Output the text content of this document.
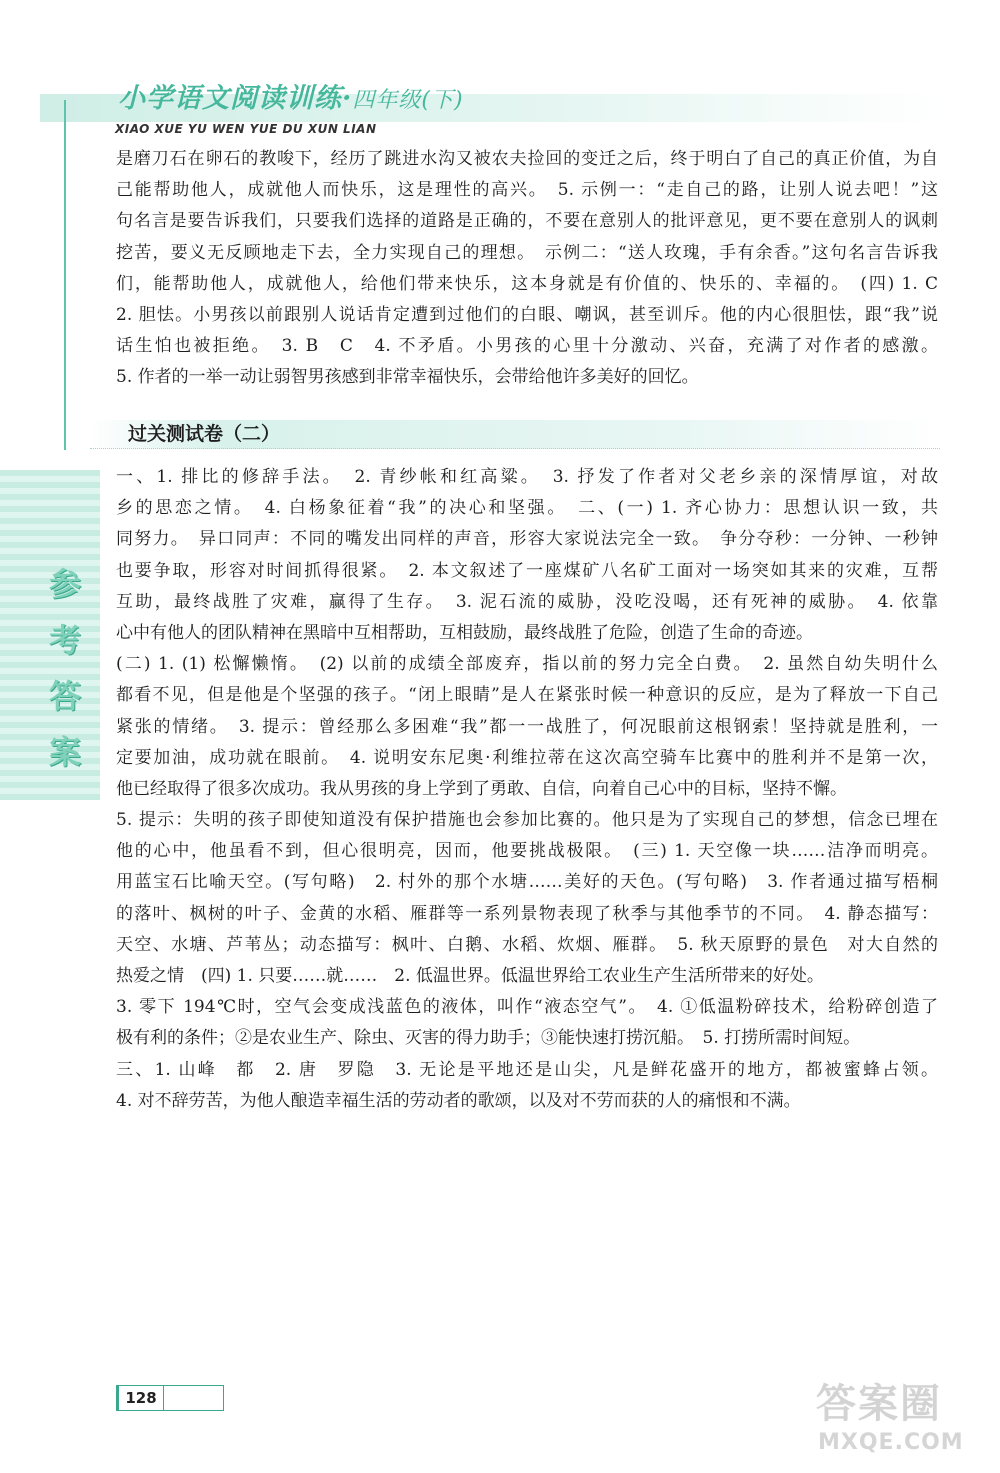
小学语文阅读训练·四年级(下)
XIAO XUE YU WEN YUE DU XUN LIAN
是磨刀石在卵石的教唆下，经历了跳进水沟又被农夫捡回的变迁之后，终于明白了自己的真正价值，为自
己能帮助他人，成就他人而快乐，这是理性的高兴。　5. 示例一：“走自己的路，让别人说去吧！”这
句名言是要告诉我们，只要我们选择的道路是正确的，不要在意别人的批评意见，更不要在意别人的讽刺
挖苦，要义无反顾地走下去，全力实现自己的理想。　示例二：“送人玫瑰，手有余香。”这句名言告诉我
们，能帮助他人，成就他人，给他们带来快乐，这本身就是有价值的、快乐的、幸福的。　(四) 1. C
2. 胆怯。小男孩以前跟别人说话肯定遭到过他们的白眼、嘲讽，甚至训斥。他的内心很胆怯，跟“我”说
话生怕也被拒绝。　3. B　C　4. 不矛盾。小男孩的心里十分激动、兴奋，充满了对作者的感激。
5. 作者的一举一动让弱智男孩感到非常幸福快乐，会带给他许多美好的回忆。
过关测试卷（二）
参
考
答
案
一、1. 排比的修辞手法。　2. 青纱帐和红高粱。　3. 抒发了作者对父老乡亲的深情厚谊，对故
乡的思恋之情。　4. 白杨象征着“我”的决心和坚强。　二、(一) 1. 齐心协力：思想认识一致，共
同努力。　异口同声：不同的嘴发出同样的声音，形容大家说法完全一致。　争分夺秒：一分钟、一秒钟
也要争取，形容对时间抓得很紧。　2. 本文叙述了一座煤矿八名矿工面对一场突如其来的灾难，互帮
互助，最终战胜了灾难，赢得了生存。　3. 泥石流的威胁，没吃没喝，还有死神的威胁。　4. 依靠
心中有他人的团队精神在黑暗中互相帮助，互相鼓励，最终战胜了危险，创造了生命的奇迹。
(二) 1. (1) 松懈懒惰。　(2) 以前的成绩全部废弃，指以前的努力完全白费。　2. 虽然自幼失明什么
都看不见，但是他是个坚强的孩子。“闭上眼睛”是人在紧张时候一种意识的反应，是为了释放一下自己
紧张的情绪。　3. 提示：曾经那么多困难“我”都一一战胜了，何况眼前这根钢索！坚持就是胜利，一
定要加油，成功就在眼前。　4. 说明安东尼奥·利维拉蒂在这次高空骑车比赛中的胜利并不是第一次，
他已经取得了很多次成功。我从男孩的身上学到了勇敢、自信，向着自己心中的目标，坚持不懈。
5. 提示：失明的孩子即使知道没有保护措施也会参加比赛的。他只是为了实现自己的梦想，信念已埋在
他的心中，他虽看不到，但心很明亮，因而，他要挑战极限。　(三) 1. 天空像一块……洁净而明亮。
用蓝宝石比喻天空。(写句略)　2. 村外的那个水塘……美好的天色。(写句略)　3. 作者通过描写梧桐
的落叶、枫树的叶子、金黄的水稻、雁群等一系列景物表现了秋季与其他季节的不同。　4. 静态描写：
天空、水塘、芦苇丛；动态描写：枫叶、白鹅、水稻、炊烟、雁群。　5. 秋天原野的景色　对大自然的
热爱之情　(四) 1. 只要……就……　2. 低温世界。低温世界给工农业生产生活所带来的好处。
3. 零下 194℃时，空气会变成浅蓝色的液体，叫作“液态空气”。　4. ①低温粉碎技术，给粉碎创造了
极有利的条件；②是农业生产、除虫、灭害的得力助手；③能快速打捞沉船。　5. 打捞所需时间短。
三、1. 山峰　都　2. 唐　罗隐　3. 无论是平地还是山尖，凡是鲜花盛开的地方，都被蜜蜂占领。
4. 对不辞劳苦，为他人酿造幸福生活的劳动者的歌颂，以及对不劳而获的人的痛恨和不满。
128	答案圈
MXQE.COM
